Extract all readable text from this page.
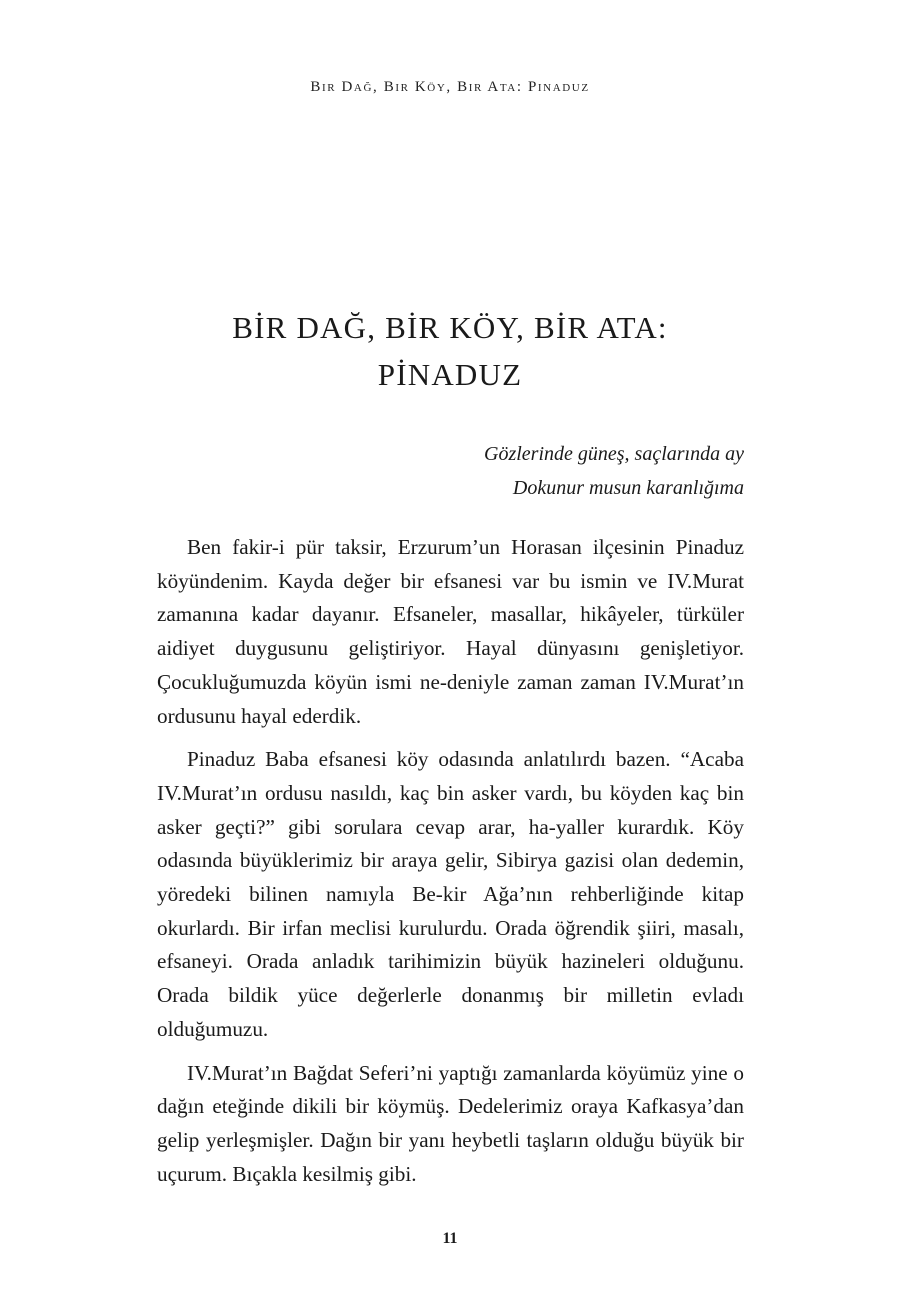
Bir Dağ, Bir Köy, Bir Ata: Pinaduz
BİR DAĞ, BİR KÖY, BİR ATA:
PİNADUZ
Gözlerinde güneş, saçlarında ay
Dokunur musun karanlığıma

Ben fakir-i pür taksir, Erzurum’un Horasan ilçesinin Pinaduz köyündenim. Kayda değer bir efsanesi var bu ismin ve IV.Murat zamanına kadar dayanır. Efsaneler, masallar, hikâyeler, türküler aidiyet duygusunu geliştiriyor. Hayal dünyasını genişletiyor. Çocukluğumuzda köyün ismi ne-deniyle zaman zaman IV.Murat’ın ordusunu hayal ederdik.

Pinaduz Baba efsanesi köy odasında anlatılırdı bazen. “Acaba IV.Murat’ın ordusu nasıldı, kaç bin asker vardı, bu köyden kaç bin asker geçti?” gibi sorulara cevap arar, ha-yaller kurardık. Köy odasında büyüklerimiz bir araya gelir, Sibirya gazisi olan dedemin, yöredeki bilinen namıyla Be-kir Ağa’nın rehberliğinde kitap okurlardı. Bir irfan meclisi kurulurdu. Orada öğrendik şiiri, masalı, efsaneyi. Orada anladık tarihimizin büyük hazineleri olduğunu. Orada bildik yüce değerlerle donanmış bir milletin evladı olduğumuzu.

IV.Murat’ın Bağdat Seferi’ni yaptığı zamanlarda köyümüz yine o dağın eteğinde dikili bir köymüş. Dedelerimiz oraya Kafkasya’dan gelip yerleşmişler. Dağın bir yanı heybetli taşların olduğu büyük bir uçurum. Bıçakla kesilmiş gibi.

11
